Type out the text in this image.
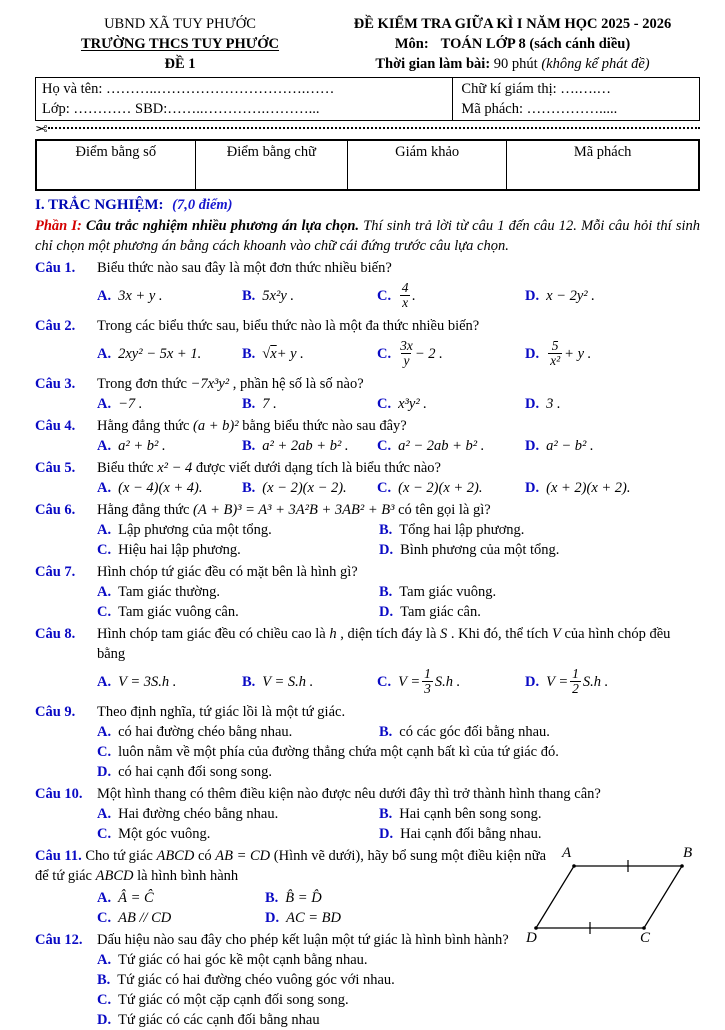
UBND XÃ TUY PHƯỚC
TRƯỜNG THCS TUY PHƯỚC
ĐỀ 1
ĐỀ KIỂM TRA GIỮA KÌ I NĂM HỌC 2025 - 2026
Môn: TOÁN LỚP 8 (sách cánh diều)
Thời gian làm bài: 90 phút (không kể phát đề)
Họ và tên: ………..………………………….……
Lớp: ………… SBD:……..………….………...
Chữ kí giám thị: ….….…
Mã phách: …………….....
✂
Điểm bằng số	Điểm bằng chữ	Giám khảo	Mã phách
I. TRẮC NGHIỆM: (7,0 điểm)
Phần I: Câu trắc nghiệm nhiều phương án lựa chọn. Thí sinh trả lời từ câu 1 đến câu 12. Mỗi câu hỏi thí sinh chỉ chọn một phương án bằng cách khoanh vào chữ cái đứng trước câu lựa chọn.
Câu 1.	Biểu thức nào sau đây là một đơn thức nhiều biến?
A. 3x + y .	B. 5x²y .	C. $\frac{4}{x}$ .	D. x − 2y² .
Câu 2.	Trong các biểu thức sau, biểu thức nào là một đa thức nhiều biến?
A. 2xy² − 5x + 1.	B. √ x + y .	C. $\frac{3x}{y} - 2$ .	D. $\frac{5}{\text{x²}} + y$ .
Câu 3.	Trong đơn thức −7x³y² , phần hệ số là số nào?
A. −7 .	B. 7 .	C. x³y² .	D. 3 .
Câu 4.	Hằng đẳng thức (a + b)² bằng biểu thức nào sau đây?
A. a² + b² .	B. a² + 2ab + b² . C. a² − 2ab + b² .	D. a² − b² .
Câu 5.	Biểu thức x² − 4 được viết dưới dạng tích là biểu thức nào?
A. (x − 4)(x + 4).	B. (x − 2)(x − 2). C. (x − 2)(x + 2).	D. (x + 2)(x + 2).
Câu 6.	Hằng đẳng thức (A + B)³ = A³ + 3A²B + 3AB² + B³ có tên gọi là gì?
A. Lập phương của một tổng.	B. Tổng hai lập phương.
C. Hiệu hai lập phương.	D. Bình phương của một tổng.
Câu 7.	Hình chóp tứ giác đều có mặt bên là hình gì?
A. Tam giác thường.	B. Tam giác vuông.
C. Tam giác vuông cân.	D. Tam giác cân.
Câu 8.	Hình chóp tam giác đều có chiều cao là h , diện tích đáy là S . Khi đó, thể tích V của hình chóp đều bằng
A. V = 3S.h .	B. V = S.h .	C. $V = \frac{1}{3} S.h$ .	D. $V = \frac{1}{2} S.h$ .
Câu 9.	Theo định nghĩa, tứ giác lồi là một tứ giác.
A. có hai đường chéo bằng nhau.	B. có các góc đối bằng nhau.
C. luôn nằm về một phía của đường thẳng chứa một cạnh bất kì của tứ giác đó.
D. có hai cạnh đối song song.
Câu 10. Một hình thang có thêm điều kiện nào được nêu dưới đây thì trở thành hình thang cân?
A. Hai đường chéo bằng nhau.	B. Hai cạnh bên song song.
C. Một góc vuông.	D. Hai cạnh đối bằng nhau.
Câu 11. Cho tứ giác ABCD có AB = CD (Hình vẽ dưới), hãy bổ sung một điều kiện nữa để tứ giác ABCD là hình bình hành
A. Â = Ĉ	B. B̂ = D̂
C. AB // CD	D. AC = BD
A	B
C
D
Câu 12. Dấu hiệu nào sau đây cho phép kết luận một tứ giác là hình bình hành?
A. Tứ giác có hai góc kề một cạnh bằng nhau.
B. Tứ giác có hai đường chéo vuông góc với nhau.
C. Tứ giác có một cặp cạnh đối song song.
D. Tứ giác có các cạnh đối bằng nhau
